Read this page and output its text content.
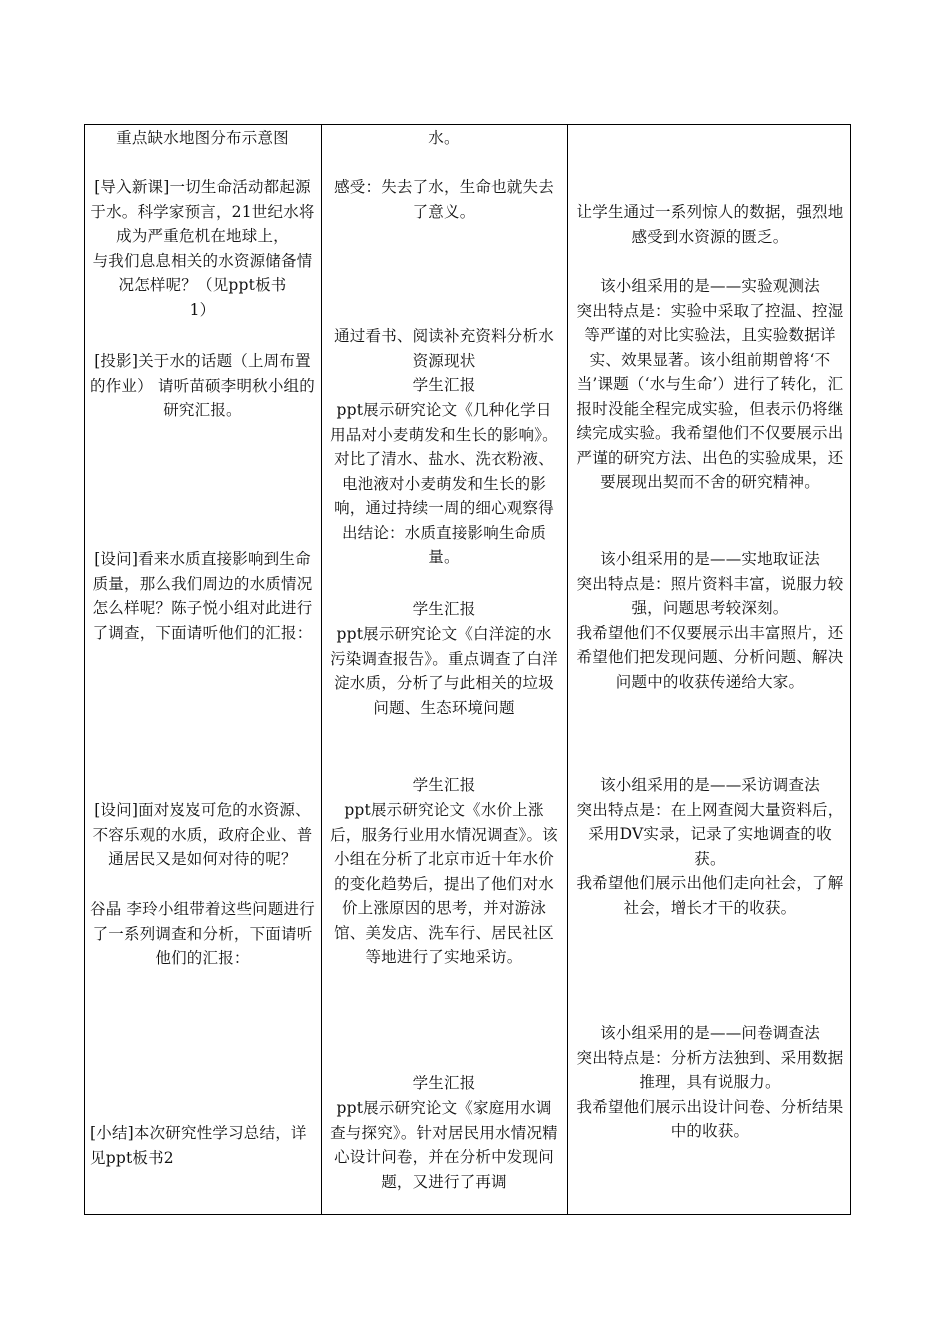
重点缺水地图分布示意图

[导入新课]一切生命活动都起源于水。科学家预言，21世纪水将成为严重危机在地球上，
与我们息息相关的水资源储备情况怎样呢？（见ppt板书
1）

[投影]关于水的话题（上周布置的作业） 请听苗硕李明秋小组的研究汇报。

[设问]看来水质直接影响到生命质量，那么我们周边的水质情况怎么样呢？陈子悦小组对此进行了调查，下面请听他们的汇报：

[设问]面对岌岌可危的水资源、不容乐观的水质，政府企业、普通居民又是如何对待的呢？

谷晶 李玲小组带着这些问题进行了一系列调查和分析，下面请听他们的汇报：

[小结]本次研究性学习总结，详见ppt板书2

水。

感受：失去了水，生命也就失去了意义。

通过看书、阅读补充资料分析水资源现状

学生汇报

ppt展示研究论文《几种化学日用品对小麦萌发和生长的影响》。对比了清水、盐水、洗衣粉液、电池液对小麦萌发和生长的影响，通过持续一周的细心观察得出结论：水质直接影响生命质量。

学生汇报

ppt展示研究论文《白洋淀的水污染调查报告》。重点调查了白洋淀水质，分析了与此相关的垃圾问题、生态环境问题

学生汇报

ppt展示研究论文《水价上涨后，服务行业用水情况调查》。该小组在分析了北京市近十年水价的变化趋势后，提出了他们对水价上涨原因的思考，并对游泳馆、美发店、洗车行、居民社区等地进行了实地采访。

学生汇报

ppt展示研究论文《家庭用水调查与探究》。针对居民用水情况精心设计问卷，并在分析中发现问题，又进行了再调

让学生通过一系列惊人的数据，强烈地感受到水资源的匮乏。

该小组采用的是——实验观测法
突出特点是：实验中采取了控温、控湿等严谨的对比实验法，且实验数据详实、效果显著。该小组前期曾将‘不当’课题（‘水与生命’）进行了转化，汇报时没能全程完成实验，但表示仍将继续完成实验。我希望他们不仅要展示出严谨的研究方法、出色的实验成果，还要展现出契而不舍的研究精神。

该小组采用的是——实地取证法
突出特点是：照片资料丰富，说服力较强，问题思考较深刻。
我希望他们不仅要展示出丰富照片，还希望他们把发现问题、分析问题、解决问题中的收获传递给大家。

该小组采用的是——采访调查法
突出特点是：在上网查阅大量资料后，采用DV实录，记录了实地调查的收获。
我希望他们展示出他们走向社会，了解社会，增长才干的收获。

该小组采用的是——问卷调查法
突出特点是：分析方法独到、采用数据推理，具有说服力。
我希望他们展示出设计问卷、分析结果中的收获。
